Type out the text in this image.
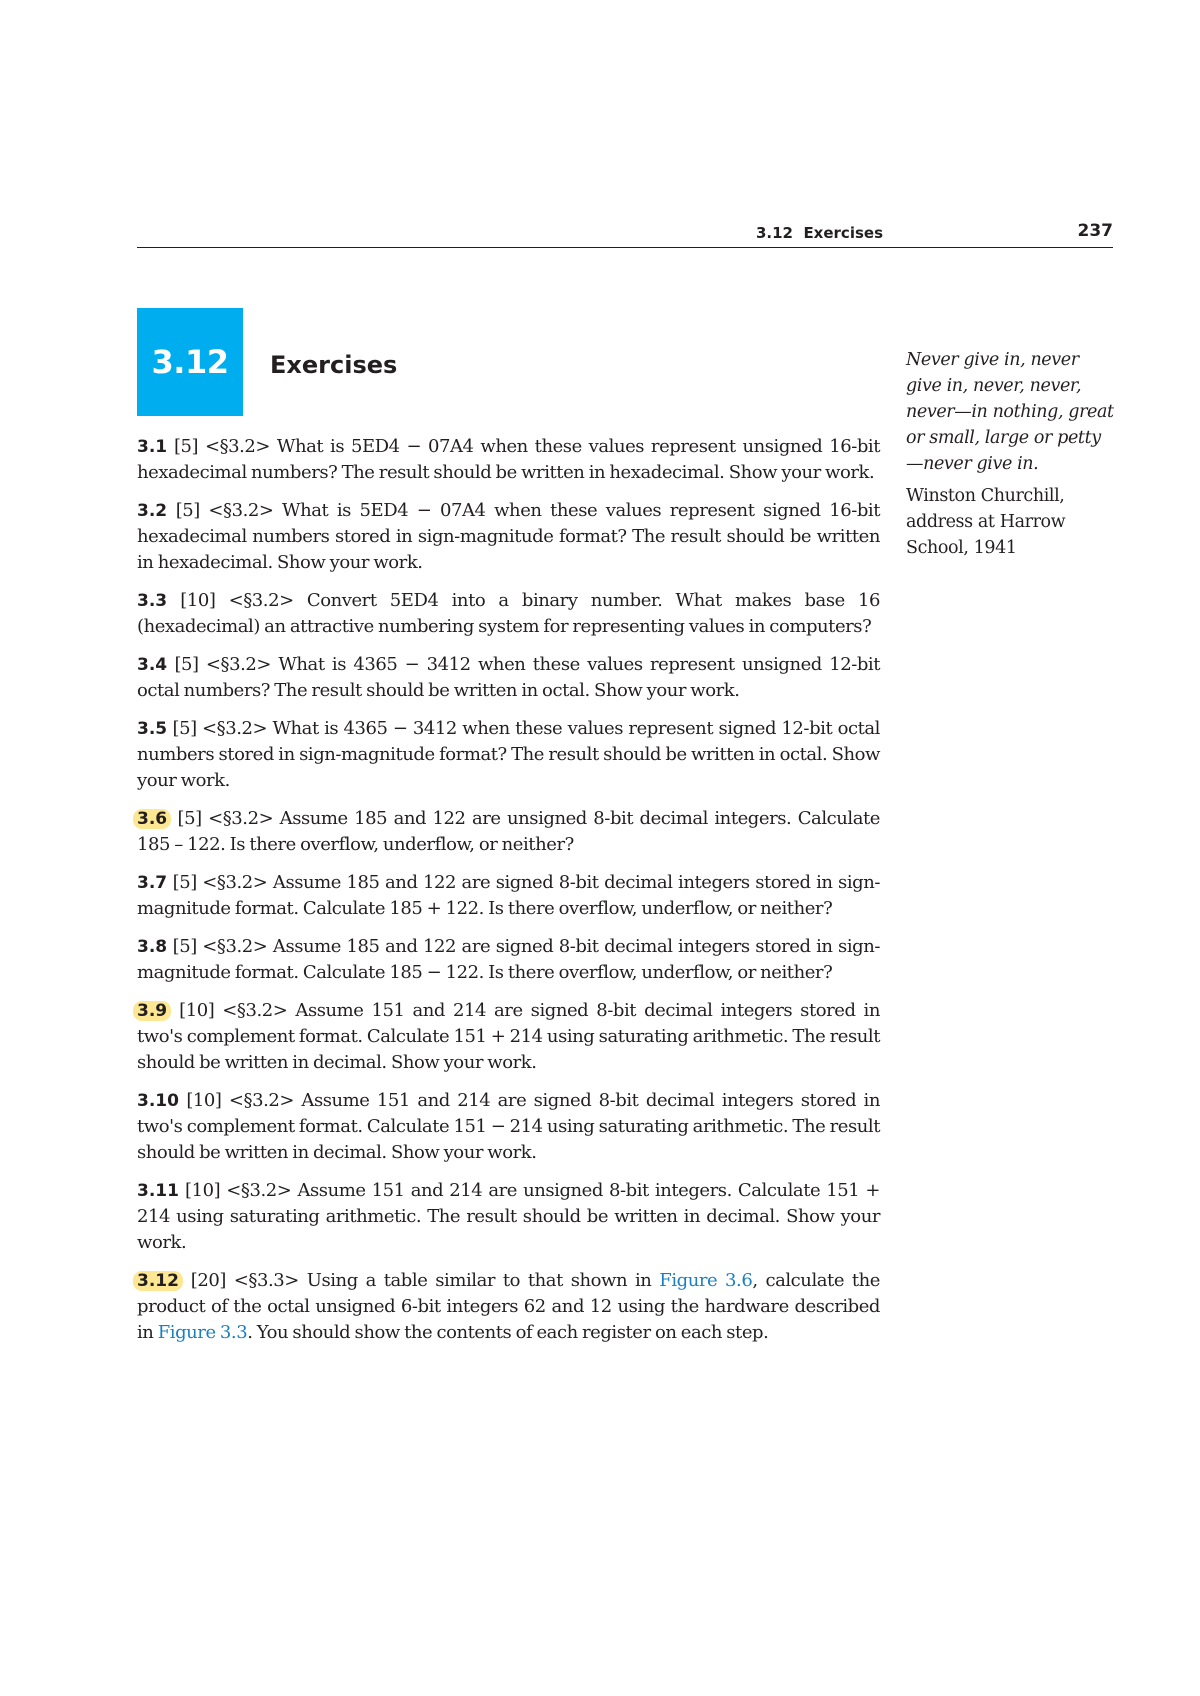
3.12  Exercises	237
3.12	Exercises	Never give in, never give in, never, never, never—in nothing, great or small, large or petty—never give in.
Winston Churchill, address at Harrow School, 1941

3.1 [5] <§3.2> What is 5ED4 − 07A4 when these values represent unsigned 16-bit hexadecimal numbers? The result should be written in hexadecimal. Show your work.

3.2 [5] <§3.2> What is 5ED4 − 07A4 when these values represent signed 16-bit hexadecimal numbers stored in sign-magnitude format? The result should be written in hexadecimal. Show your work.

3.3 [10] <§3.2> Convert 5ED4 into a binary number. What makes base 16 (hexadecimal) an attractive numbering system for representing values in computers?

3.4 [5] <§3.2> What is 4365 − 3412 when these values represent unsigned 12-bit octal numbers? The result should be written in octal. Show your work.

3.5 [5] <§3.2> What is 4365 − 3412 when these values represent signed 12-bit octal numbers stored in sign-magnitude format? The result should be written in octal. Show your work.

3.6 [5] <§3.2> Assume 185 and 122 are unsigned 8-bit decimal integers. Calculate 185 – 122. Is there overflow, underflow, or neither?

3.7 [5] <§3.2> Assume 185 and 122 are signed 8-bit decimal integers stored in sign-magnitude format. Calculate 185 + 122. Is there overflow, underflow, or neither?

3.8 [5] <§3.2> Assume 185 and 122 are signed 8-bit decimal integers stored in sign-magnitude format. Calculate 185 − 122. Is there overflow, underflow, or neither?

3.9 [10] <§3.2> Assume 151 and 214 are signed 8-bit decimal integers stored in two's complement format. Calculate 151 + 214 using saturating arithmetic. The result should be written in decimal. Show your work.

3.10 [10] <§3.2> Assume 151 and 214 are signed 8-bit decimal integers stored in two's complement format. Calculate 151 − 214 using saturating arithmetic. The result should be written in decimal. Show your work.

3.11 [10] <§3.2> Assume 151 and 214 are unsigned 8-bit integers. Calculate 151 + 214 using saturating arithmetic. The result should be written in decimal. Show your work.

3.12 [20] <§3.3> Using a table similar to that shown in Figure 3.6, calculate the product of the octal unsigned 6-bit integers 62 and 12 using the hardware described in Figure 3.3. You should show the contents of each register on each step.
